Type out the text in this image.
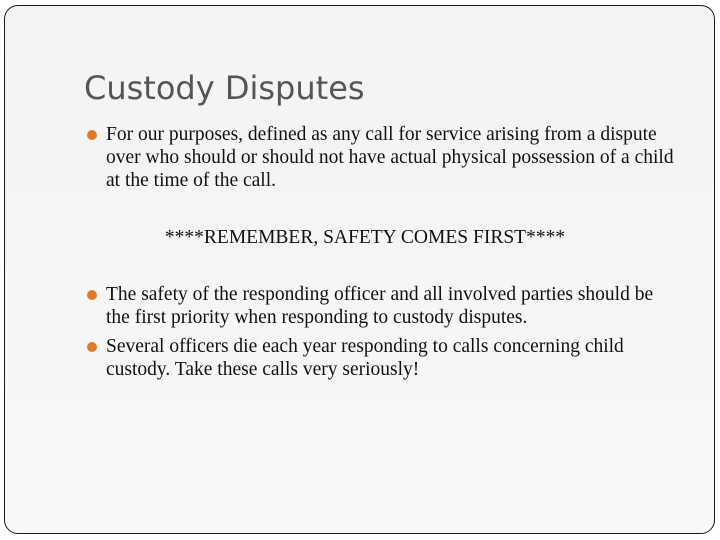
Custody Disputes
For our purposes, defined as any call for service arising from a dispute over who should or should not have actual physical possession of a child at the time of the call.
****REMEMBER, SAFETY COMES FIRST****
The safety of the responding officer and all involved parties should be the first priority when responding to custody disputes.
Several officers die each year responding to calls concerning child custody. Take these calls very seriously!
